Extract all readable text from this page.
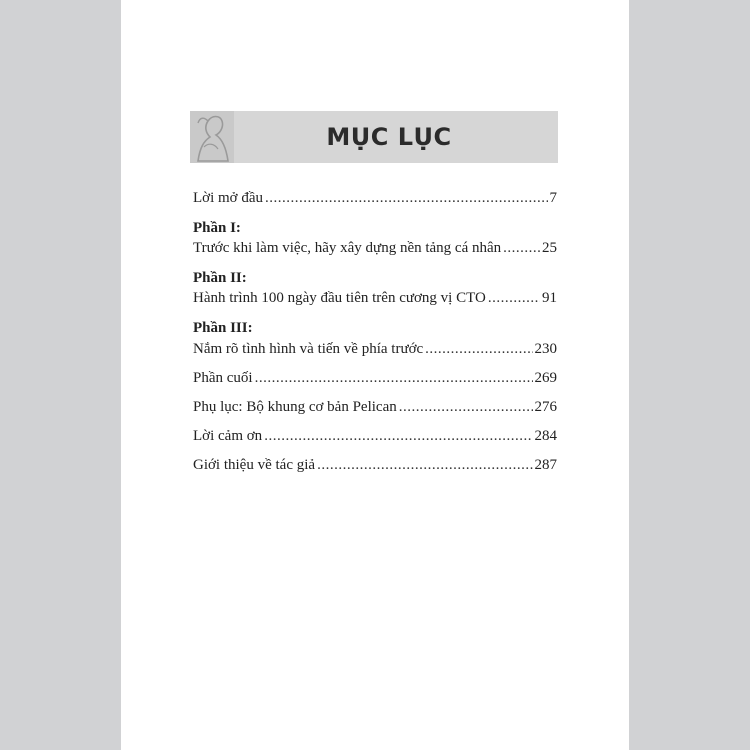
MỤC LỤC
Lời mở đầu .....	7
Phần I:
Trước khi làm việc, hãy xây dựng nền tảng cá nhân .....	25
Phần II:
Hành trình 100 ngày đầu tiên trên cương vị CTO .....	91
Phần III:
Nắm rõ tình hình và tiến về phía trước .....	230
Phần cuối .....	269
Phụ lục: Bộ khung cơ bản Pelican .....	276
Lời cảm ơn .....	284
Giới thiệu về tác giả .....	287
